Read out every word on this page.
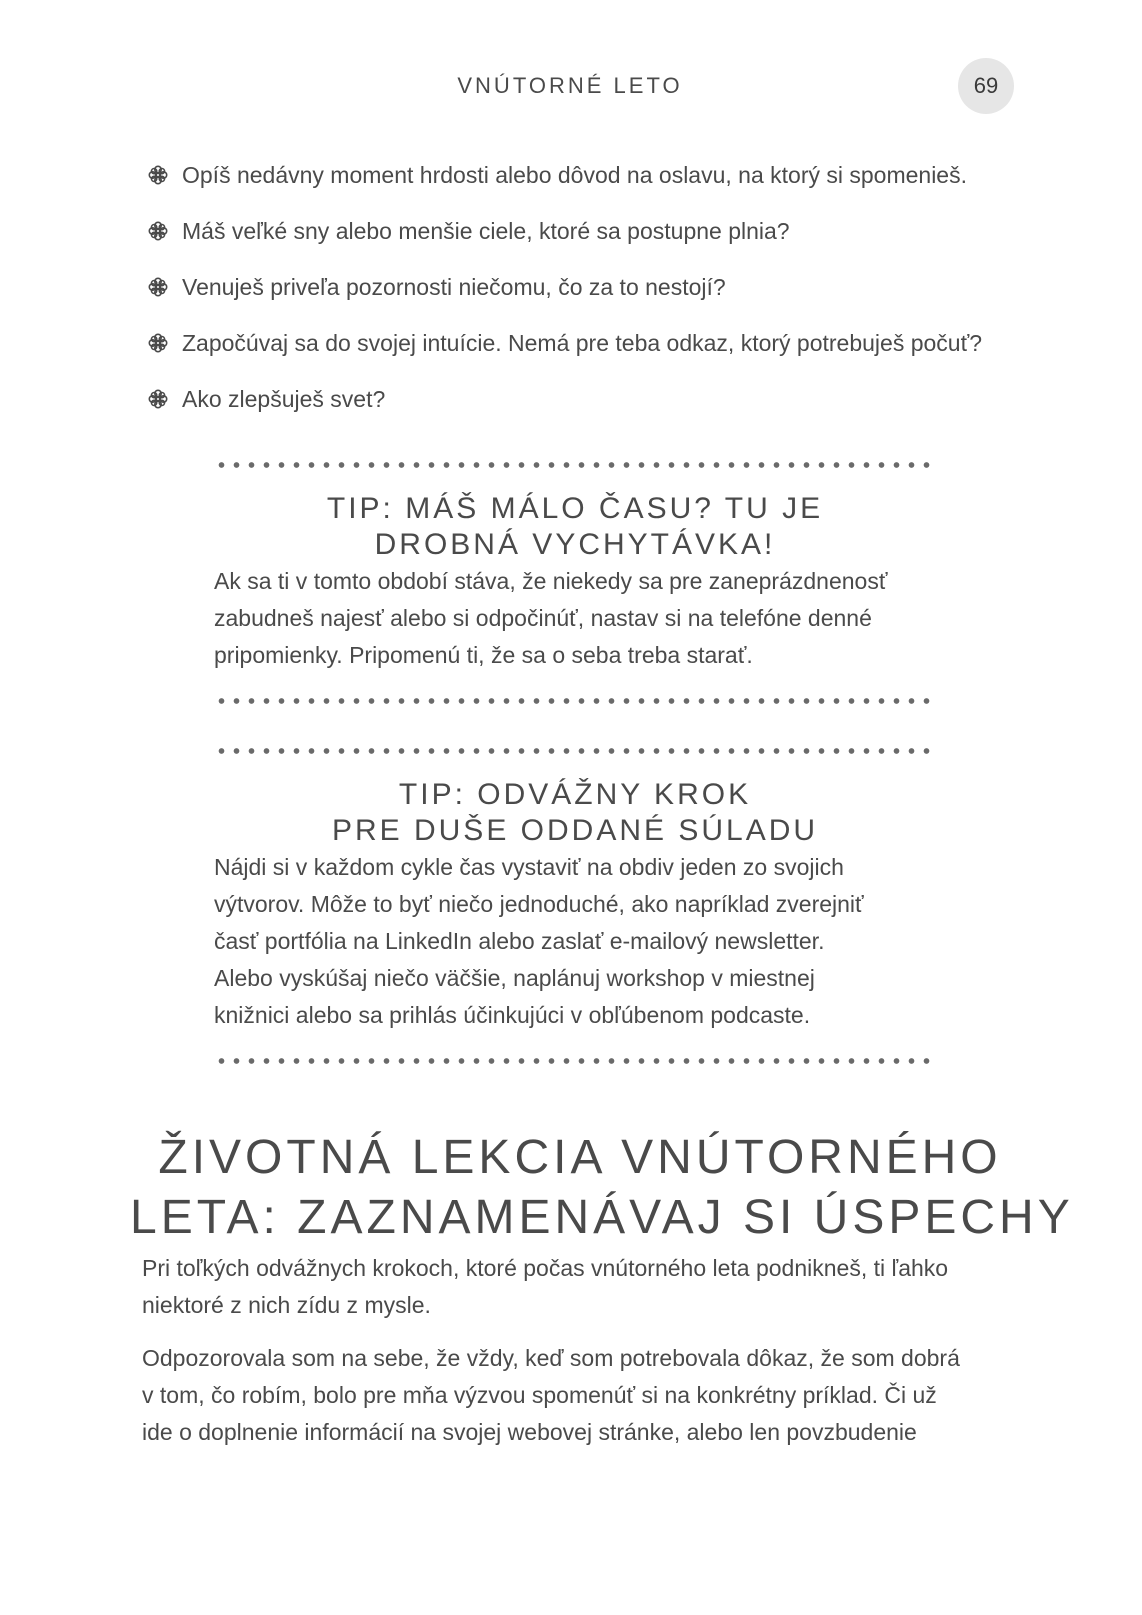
VNÚTORNÉ LETO	69
Opíš nedávny moment hrdosti alebo dôvod na oslavu, na ktorý si spomenieš.
Máš veľké sny alebo menšie ciele, ktoré sa postupne plnia?
Venuješ priveľa pozornosti niečomu, čo za to nestojí?
Započúvaj sa do svojej intuície. Nemá pre teba odkaz, ktorý potrebuješ počuť?
Ako zlepšuješ svet?
TIP: MÁŠ MÁLO ČASU? TU JE
DROBNÁ VYCHYTÁVKA!
Ak sa ti v tomto období stáva, že niekedy sa pre zaneprázdnenosť
zabudneš najesť alebo si odpočinúť, nastav si na telefóne denné
pripomienky. Pripomenú ti, že sa o seba treba starať.
TIP: ODVÁŽNY KROK
PRE DUŠE ODDANÉ SÚLADU
Nájdi si v každom cykle čas vystaviť na obdiv jeden zo svojich
výtvorov. Môže to byť niečo jednoduché, ako napríklad zverejniť
časť portfólia na LinkedIn alebo zaslať e-mailový newsletter.
Alebo vyskúšaj niečo väčšie, naplánuj workshop v miestnej
knižnici alebo sa prihlás účinkujúci v obľúbenom podcaste.
ŽIVOTNÁ LEKCIA VNÚTORNÉHO
LETA: ZAZNAMENÁVAJ SI ÚSPECHY

Pri toľkých odvážnych krokoch, ktoré počas vnútorného leta podnikneš, ti ľahko
niektoré z nich zídu z mysle.

Odpozorovala som na sebe, že vždy, keď som potrebovala dôkaz, že som dobrá
v tom, čo robím, bolo pre mňa výzvou spomenúť si na konkrétny príklad. Či už
ide o doplnenie informácií na svojej webovej stránke, alebo len povzbudenie
